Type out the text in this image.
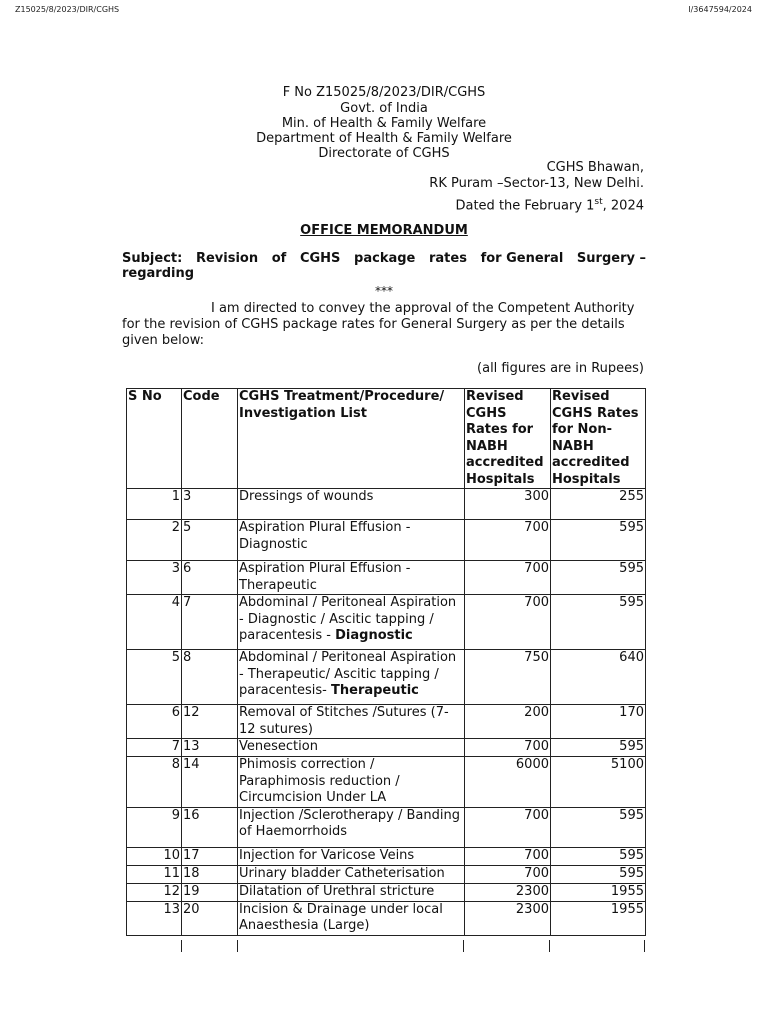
Z15025/8/2023/DIR/CGHS	I/3647594/2024
F No Z15025/8/2023/DIR/CGHS
Govt. of India
Min. of Health & Family Welfare
Department of Health & Family Welfare
Directorate of CGHS
CGHS Bhawan,
RK Puram –Sector-13, New Delhi.
Dated the February 1st, 2024
OFFICE MEMORANDUM
Subject: Revision of CGHS package rates for General Surgery –
regarding
***
I am directed to convey the approval of the Competent Authority
for the revision of CGHS package rates for General Surgery as per the details
given below:
(all figures are in Rupees)
S No	Code	CGHS Treatment/Procedure/ Investigation List	Revised CGHS Rates for NABH accredited Hospitals	Revised CGHS Rates for Non-NABH accredited Hospitals
1	3	Dressings of wounds	300	255
2	5	Aspiration Plural Effusion - Diagnostic	700	595
3	6	Aspiration Plural Effusion - Therapeutic	700	595
4	7	Abdominal / Peritoneal Aspiration - Diagnostic / Ascitic tapping / paracentesis - Diagnostic	700	595
5	8	Abdominal / Peritoneal Aspiration - Therapeutic/ Ascitic tapping / paracentesis- Therapeutic	750	640
6	12	Removal of Stitches /Sutures (7-12 sutures)	200	170
7	13	Venesection	700	595
8	14	Phimosis correction / Paraphimosis reduction / Circumcision Under LA	6000	5100
9	16	Injection /Sclerotherapy / Banding of Haemorrhoids	700	595
10	17	Injection for Varicose Veins	700	595
11	18	Urinary bladder Catheterisation	700	595
12	19	Dilatation of Urethral stricture	2300	1955
13	20	Incision & Drainage under local Anaesthesia (Large)	2300	1955
